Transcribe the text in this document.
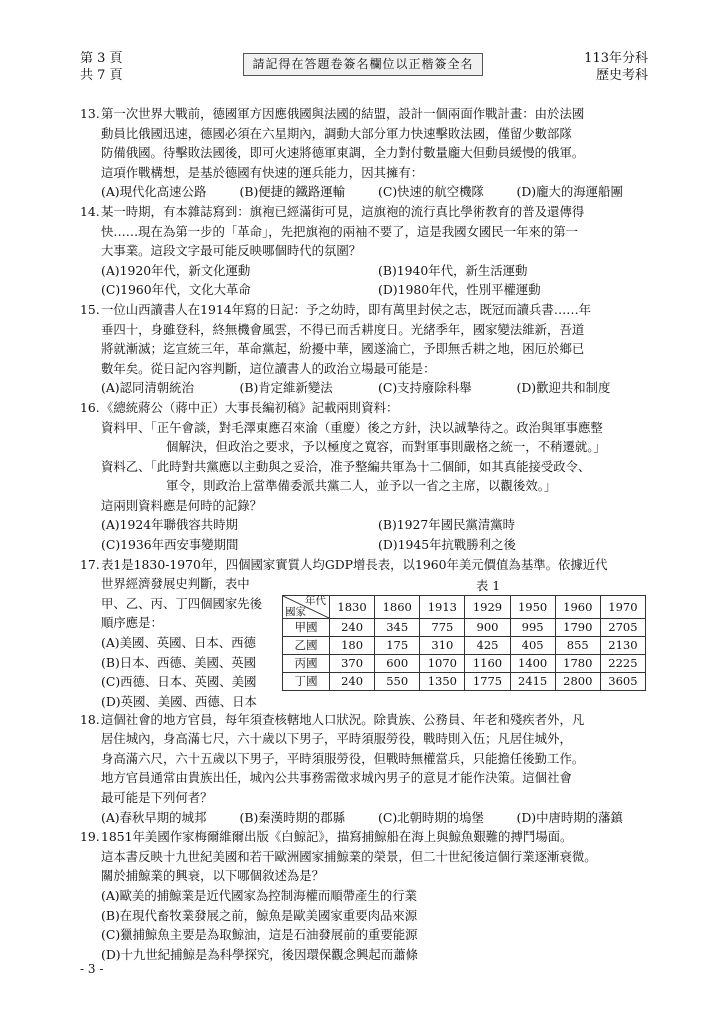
第 3 頁
共 7 頁
請記得在答題卷簽名欄位以正楷簽全名	113年分科
歷史考科
13. 第一次世界大戰前，德國軍方因應俄國與法國的結盟，設計一個兩面作戰計畫：由於法國
動員比俄國迅速，德國必須在六星期內，調動大部分軍力快速擊敗法國，僅留少數部隊
防備俄國。待擊敗法國後，即可火速將德軍東調，全力對付數量龐大但動員緩慢的俄軍。
這項作戰構想，是基於德國有快速的運兵能力，因其擁有：
(A)現代化高速公路	(B)便捷的鐵路運輸	(C)快速的航空機隊	(D)龐大的海運船團
14. 某一時期，有本雜誌寫到：旗袍已經滿街可見，這旗袍的流行真比學術教育的普及還傳得
快……現在為第一步的「革命」，先把旗袍的兩袖不要了，這是我國女國民一年來的第一
大事業。這段文字最可能反映哪個時代的氛圍？
(A)1920年代，新文化運動	(B)1940年代，新生活運動
(C)1960年代，文化大革命	(D)1980年代，性別平權運動
15. 一位山西讀書人在1914年寫的日記：予之幼時，即有萬里封侯之志，既冠而讀兵書……年
垂四十，身雖登科，終無機會風雲，不得已而舌耕度日。光緒季年，國家變法維新，吾道
將就漸滅；迄宣統三年，革命黨起，紛擾中華，國遂淪亡，予即無舌耕之地，困厄於鄉已
數年矣。從日記內容判斷，這位讀書人的政治立場最可能是：
(A)認同清朝統治	(B)肯定維新變法	(C)支持廢除科舉	(D)歡迎共和制度
16. 《總統蔣公（蔣中正）大事長編初稿》記載兩則資料：
資料甲、「正午會談，對毛澤東應召來渝（重慶）後之方針，決以誠摯待之。政治與軍事應整
個解決，但政治之要求，予以極度之寬容，而對軍事則嚴格之統一，不稍遷就。」
資料乙、「此時對共黨應以主動與之妥洽，准予整編共軍為十二個師，如其真能接受政令、
軍令，則政治上當準備委派共黨二人，並予以一省之主席，以觀後效。」
這兩則資料應是何時的記錄？
(A)1924年聯俄容共時期	(B)1927年國民黨清黨時
(C)1936年西安事變期間	(D)1945年抗戰勝利之後
17. 表1是1830-1970年，四個國家實質人均GDP增長表，以1960年美元價值為基準。依據近代
世界經濟發展史判斷，表中
甲、乙、丙、丁四個國家先後
順序應是：
(A)美國、英國、日本、西德
(B)日本、西德、美國、英國
(C)西德、日本、英國、美國
(D)英國、美國、西德、日本
表 1
年代
國家	1830	1860	1913	1929	1950	1960	1970
甲國	240	345	775	900	995	1790	2705
乙國	180	175	310	425	405	855	2130
丙國	370	600	1070	1160	1400	1780	2225
丁國	240	550	1350	1775	2415	2800	3605
18. 這個社會的地方官員，每年須查核轄地人口狀況。除貴族、公務員、年老和殘疾者外，凡
居住城內，身高滿七尺，六十歲以下男子，平時須服勞役，戰時則入伍；凡居住城外，
身高滿六尺，六十五歲以下男子，平時須服勞役，但戰時無權當兵，只能擔任後勤工作。
地方官員通常由貴族出任，城內公共事務需徵求城內男子的意見才能作決策。這個社會
最可能是下列何者？
(A)春秋早期的城邦	(B)秦漢時期的郡縣	(C)北朝時期的塢堡	(D)中唐時期的藩鎮
19. 1851年美國作家梅爾維爾出版《白鯨記》，描寫捕鯨船在海上與鯨魚艱難的搏鬥場面。
這本書反映十九世紀美國和若干歐洲國家捕鯨業的榮景，但二十世紀後這個行業逐漸衰微。
關於捕鯨業的興衰，以下哪個敘述為是？
(A)歐美的捕鯨業是近代國家為控制海權而順帶產生的行業
(B)在現代畜牧業發展之前，鯨魚是歐美國家重要肉品來源
(C)獵捕鯨魚主要是為取鯨油，這是石油發展前的重要能源
(D)十九世紀捕鯨是為科學探究，後因環保觀念興起而蕭條
- 3 -
